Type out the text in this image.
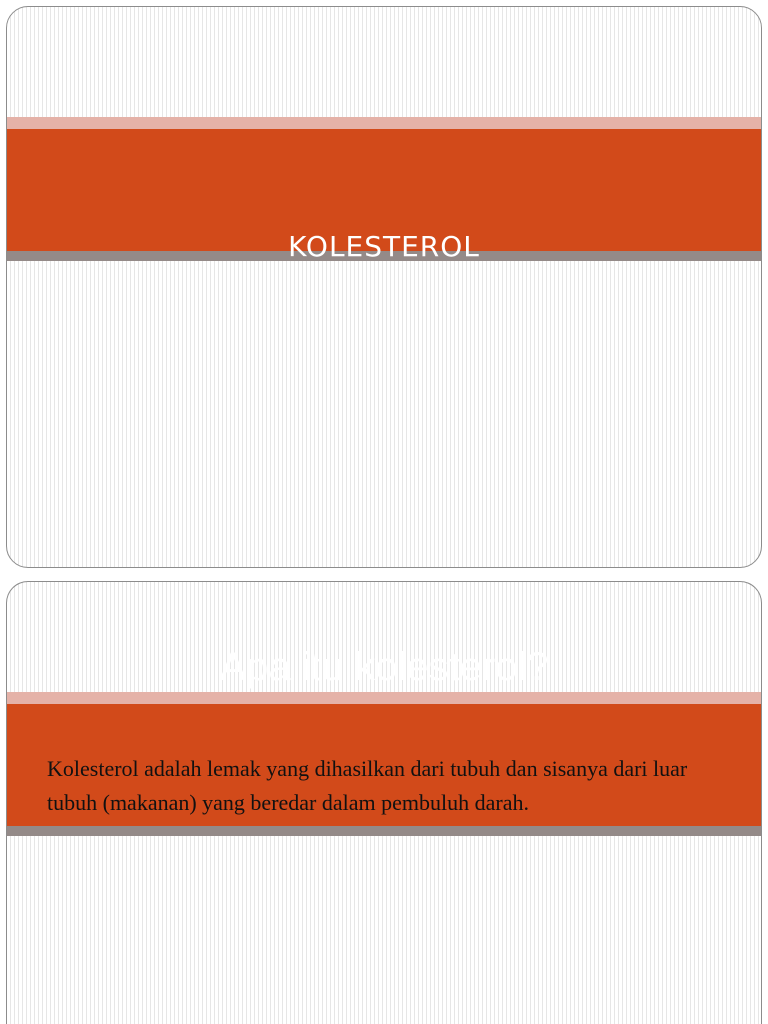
KOLESTEROL
Apa itu kolesterol?
Kolesterol adalah lemak yang dihasilkan dari tubuh dan sisanya dari luar tubuh (makanan) yang beredar dalam pembuluh darah.
